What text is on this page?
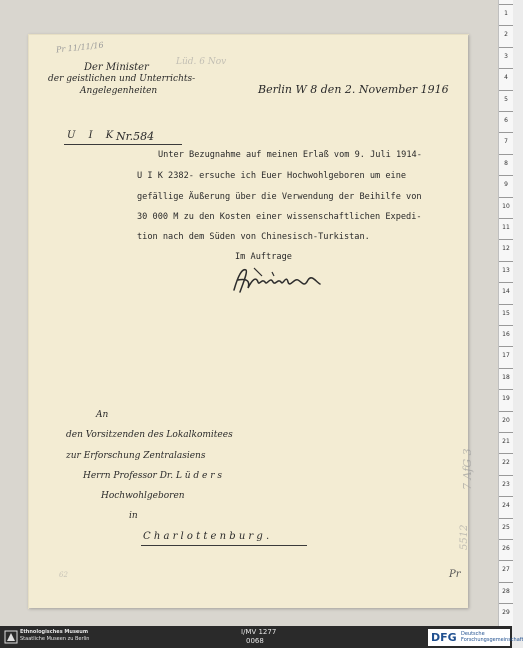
Pr 11/11/16
Lüd. 6 Nov
Der Minister
der geistlichen und Unterrichts-
Angelegenheiten	Berlin W 8 den 2. November 1916
U I K
Nr.584
Unter Bezugnahme auf meinen Erlaß vom 9. Juli 1914-
U I K 2382- ersuche ich Euer Hochwohlgeboren um eine
gefällige Äußerung über die Verwendung der Beihilfe von
30 000 M zu den Kosten einer wissenschaftlichen Expedi-
tion nach dem Süden von Chinesisch-Turkistan.
Im Auftrage
An
den Vorsitzenden des Lokalkomitees
zur Erforschung Zentralasiens
Herrn Professor Dr. L ü d e r s
Hochwohlgeboren
in
C h a r l o t t e n b u r g .
7 AfG 3
5512
Pr
62
1
2
3
4
5
6
7
8
9
10
11
12
13
14
15
16
17
18
19
20
21
22
23
24
25
26
27
28
29
Ethnologisches Museum
Staatliche Museen zu Berlin
I/MV 1277
0068	DFG Deutsche
Forschungsgemeinschaft
